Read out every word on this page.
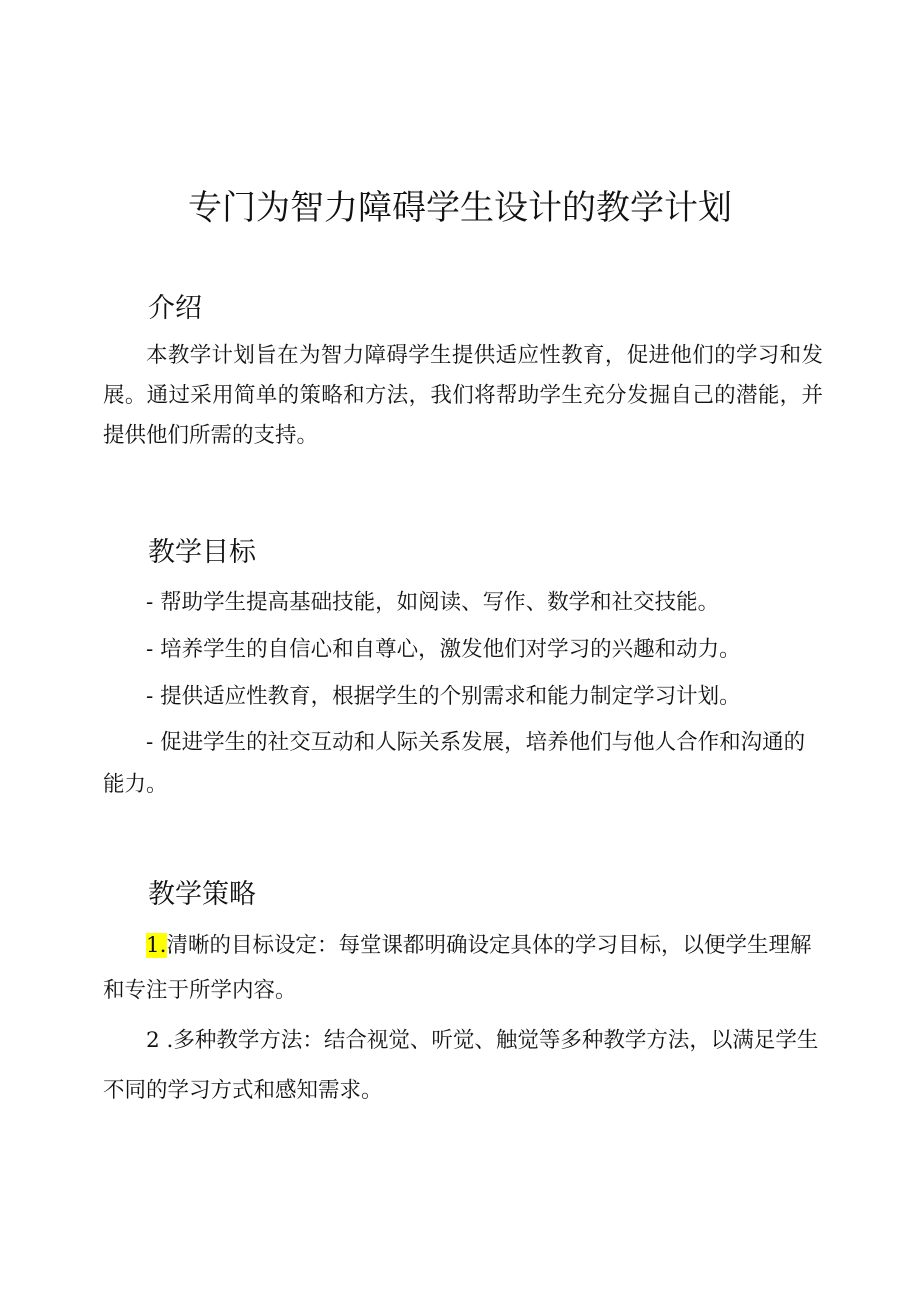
专门为智力障碍学生设计的教学计划
介绍

本教学计划旨在为智力障碍学生提供适应性教育，促进他们的学习和发展。通过采用简单的策略和方法，我们将帮助学生充分发掘自己的潜能，并提供他们所需的支持。

教学目标

- 帮助学生提高基础技能，如阅读、写作、数学和社交技能。

- 培养学生的自信心和自尊心，激发他们对学习的兴趣和动力。

- 提供适应性教育，根据学生的个别需求和能力制定学习计划。

- 促进学生的社交互动和人际关系发展，培养他们与他人合作和沟通的能力。

教学策略

1.清晰的目标设定：每堂课都明确设定具体的学习目标，以便学生理解和专注于所学内容。

2 .多种教学方法：结合视觉、听觉、触觉等多种教学方法，以满足学生不同的学习方式和感知需求。
